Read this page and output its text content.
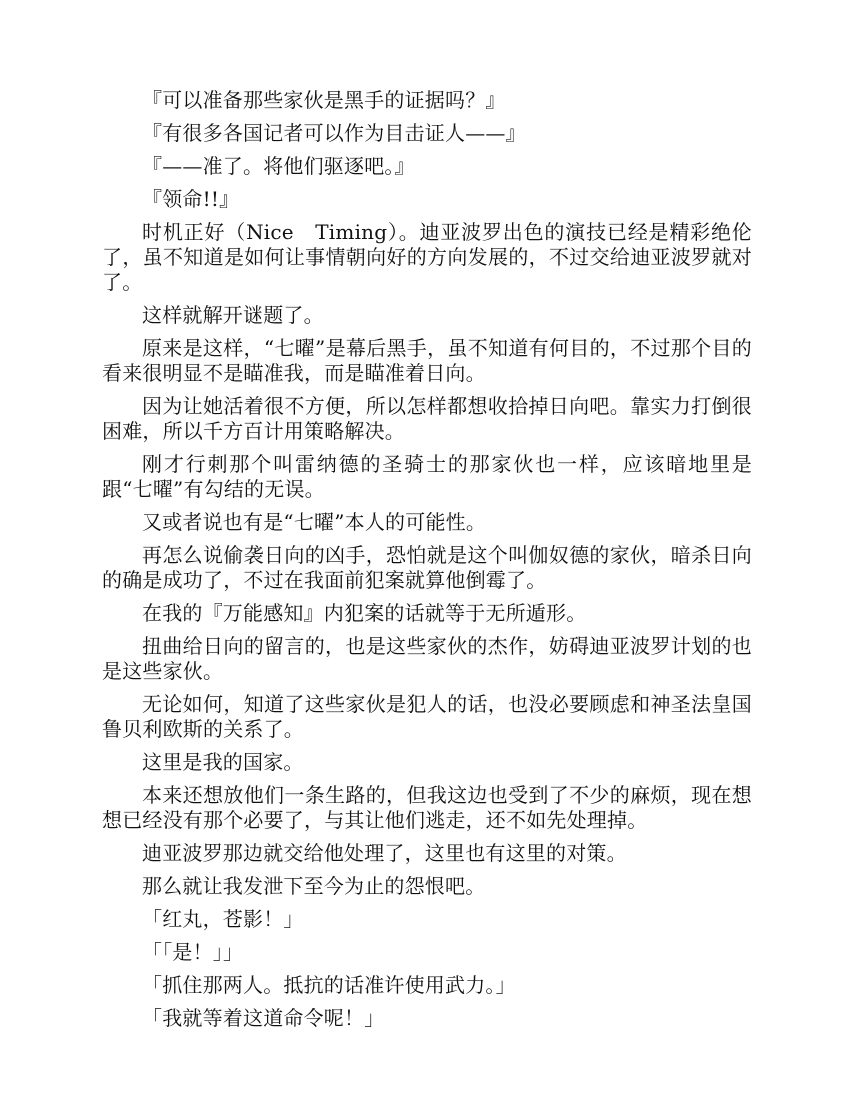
『可以准备那些家伙是黑手的证据吗？』

『有很多各国记者可以作为目击证人——』

『——准了。将他们驱逐吧。』

『领命!!』

时机正好（Nice　Timing）。迪亚波罗出色的演技已经是精彩绝伦了，虽不知道是如何让事情朝向好的方向发展的，不过交给迪亚波罗就对了。

这样就解开谜题了。

原来是这样，“七曜”是幕后黑手，虽不知道有何目的，不过那个目的看来很明显不是瞄准我，而是瞄准着日向。

因为让她活着很不方便，所以怎样都想收拾掉日向吧。靠实力打倒很困难，所以千方百计用策略解决。

刚才行刺那个叫雷纳德的圣骑士的那家伙也一样，应该暗地里是跟“七曜”有勾结的无误。

又或者说也有是“七曜”本人的可能性。

再怎么说偷袭日向的凶手，恐怕就是这个叫伽奴德的家伙，暗杀日向的确是成功了，不过在我面前犯案就算他倒霉了。

在我的『万能感知』内犯案的话就等于无所遁形。

扭曲给日向的留言的，也是这些家伙的杰作，妨碍迪亚波罗计划的也是这些家伙。

无论如何，知道了这些家伙是犯人的话，也没必要顾虑和神圣法皇国鲁贝利欧斯的关系了。

这里是我的国家。

本来还想放他们一条生路的，但我这边也受到了不少的麻烦，现在想想已经没有那个必要了，与其让他们逃走，还不如先处理掉。

迪亚波罗那边就交给他处理了，这里也有这里的对策。

那么就让我发泄下至今为止的怨恨吧。

「红丸，苍影！」

「「是！」」

「抓住那两人。抵抗的话准许使用武力。」

「我就等着这道命令呢！」
